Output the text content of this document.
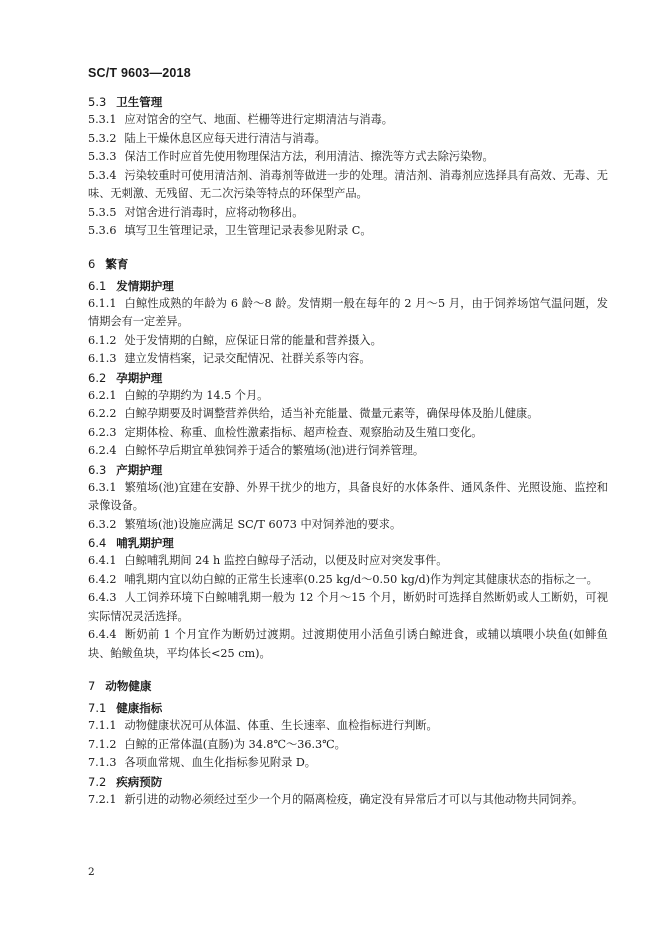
SC/T 9603—2018
5.3 卫生管理
5.3.1 应对馆舍的空气、地面、栏栅等进行定期清洁与消毒。
5.3.2 陆上干燥休息区应每天进行清洁与消毒。
5.3.3 保洁工作时应首先使用物理保洁方法，利用清洁、擦洗等方式去除污染物。
5.3.4 污染较重时可使用清洁剂、消毒剂等做进一步的处理。清洁剂、消毒剂应选择具有高效、无毒、无味、无刺激、无残留、无二次污染等特点的环保型产品。
5.3.5 对馆舍进行消毒时，应将动物移出。
5.3.6 填写卫生管理记录，卫生管理记录表参见附录 C。
6 繁育
6.1 发情期护理
6.1.1 白鲸性成熟的年龄为 6 龄～8 龄。发情期一般在每年的 2 月～5 月，由于饲养场馆气温问题，发情期会有一定差异。
6.1.2 处于发情期的白鲸，应保证日常的能量和营养摄入。
6.1.3 建立发情档案，记录交配情况、社群关系等内容。
6.2 孕期护理
6.2.1 白鲸的孕期约为 14.5 个月。
6.2.2 白鲸孕期要及时调整营养供给，适当补充能量、微量元素等，确保母体及胎儿健康。
6.2.3 定期体检、称重、血检性激素指标、超声检查、观察胎动及生殖口变化。
6.2.4 白鲸怀孕后期宜单独饲养于适合的繁殖场(池)进行饲养管理。
6.3 产期护理
6.3.1 繁殖场(池)宜建在安静、外界干扰少的地方，具备良好的水体条件、通风条件、光照设施、监控和录像设备。
6.3.2 繁殖场(池)设施应满足 SC/T 6073 中对饲养池的要求。
6.4 哺乳期护理
6.4.1 白鲸哺乳期间 24 h 监控白鲸母子活动，以便及时应对突发事件。
6.4.2 哺乳期内宜以幼白鲸的正常生长速率(0.25 kg/d～0.50 kg/d)作为判定其健康状态的指标之一。
6.4.3 人工饲养环境下白鲸哺乳期一般为 12 个月～15 个月，断奶时可选择自然断奶或人工断奶，可视实际情况灵活选择。
6.4.4 断奶前 1 个月宜作为断奶过渡期。过渡期使用小活鱼引诱白鲸进食，或辅以填喂小块鱼(如鲱鱼块、鲐鲅鱼块，平均体长<25 cm)。
7 动物健康
7.1 健康指标
7.1.1 动物健康状况可从体温、体重、生长速率、血检指标进行判断。
7.1.2 白鲸的正常体温(直肠)为 34.8℃～36.3℃。
7.1.3 各项血常规、血生化指标参见附录 D。
7.2 疾病预防
7.2.1 新引进的动物必须经过至少一个月的隔离检疫，确定没有异常后才可以与其他动物共同饲养。
2
